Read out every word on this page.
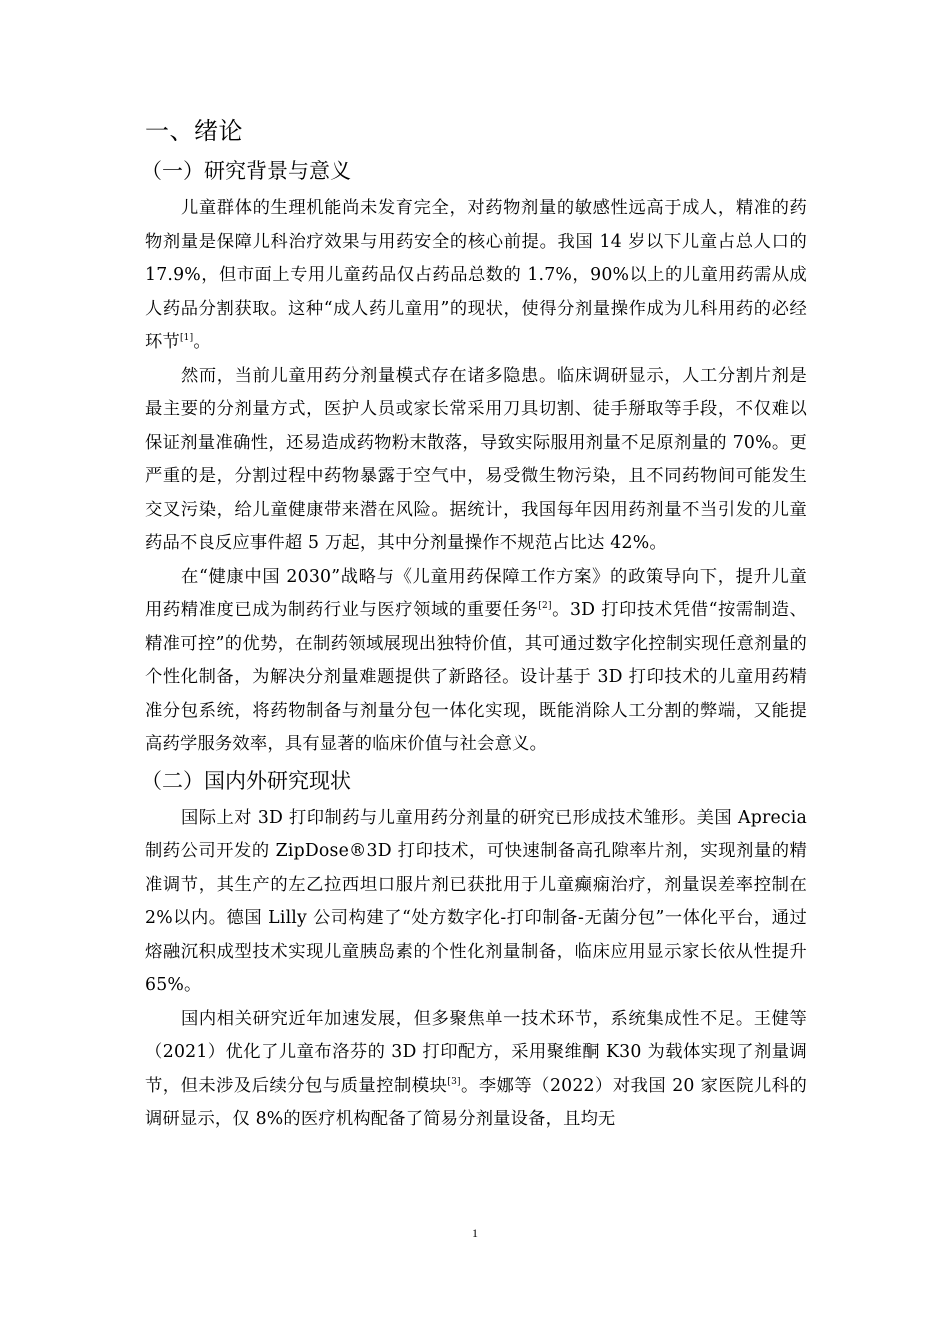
一、绪论
（一）研究背景与意义

儿童群体的生理机能尚未发育完全，对药物剂量的敏感性远高于成人，精准的药物剂量是保障儿科治疗效果与用药安全的核心前提。我国 14 岁以下儿童占总人口的 17.9%，但市面上专用儿童药品仅占药品总数的 1.7%，90%以上的儿童用药需从成人药品分割获取。这种“成人药儿童用”的现状，使得分剂量操作成为儿科用药的必经环节[1]。

然而，当前儿童用药分剂量模式存在诸多隐患。临床调研显示，人工分割片剂是最主要的分剂量方式，医护人员或家长常采用刀具切割、徒手掰取等手段，不仅难以保证剂量准确性，还易造成药物粉末散落，导致实际服用剂量不足原剂量的 70%。更严重的是，分割过程中药物暴露于空气中，易受微生物污染，且不同药物间可能发生交叉污染，给儿童健康带来潜在风险。据统计，我国每年因用药剂量不当引发的儿童药品不良反应事件超 5 万起，其中分剂量操作不规范占比达 42%。

在“健康中国 2030”战略与《儿童用药保障工作方案》的政策导向下，提升儿童用药精准度已成为制药行业与医疗领域的重要任务[2]。3D 打印技术凭借“按需制造、精准可控”的优势，在制药领域展现出独特价值，其可通过数字化控制实现任意剂量的个性化制备，为解决分剂量难题提供了新路径。设计基于 3D 打印技术的儿童用药精准分包系统，将药物制备与剂量分包一体化实现，既能消除人工分割的弊端，又能提高药学服务效率，具有显著的临床价值与社会意义。

（二）国内外研究现状

国际上对 3D 打印制药与儿童用药分剂量的研究已形成技术雏形。美国 Aprecia 制药公司开发的 ZipDose®3D 打印技术，可快速制备高孔隙率片剂，实现剂量的精准调节，其生产的左乙拉西坦口服片剂已获批用于儿童癫痫治疗，剂量误差率控制在 2%以内。德国 Lilly 公司构建了“处方数字化-打印制备-无菌分包”一体化平台，通过熔融沉积成型技术实现儿童胰岛素的个性化剂量制备，临床应用显示家长依从性提升 65%。

国内相关研究近年加速发展，但多聚焦单一技术环节，系统集成性不足。王健等（2021）优化了儿童布洛芬的 3D 打印配方，采用聚维酮 K30 为载体实现了剂量调节，但未涉及后续分包与质量控制模块[3]。李娜等（2022）对我国 20 家医院儿科的调研显示，仅 8%的医疗机构配备了简易分剂量设备，且均无

1
